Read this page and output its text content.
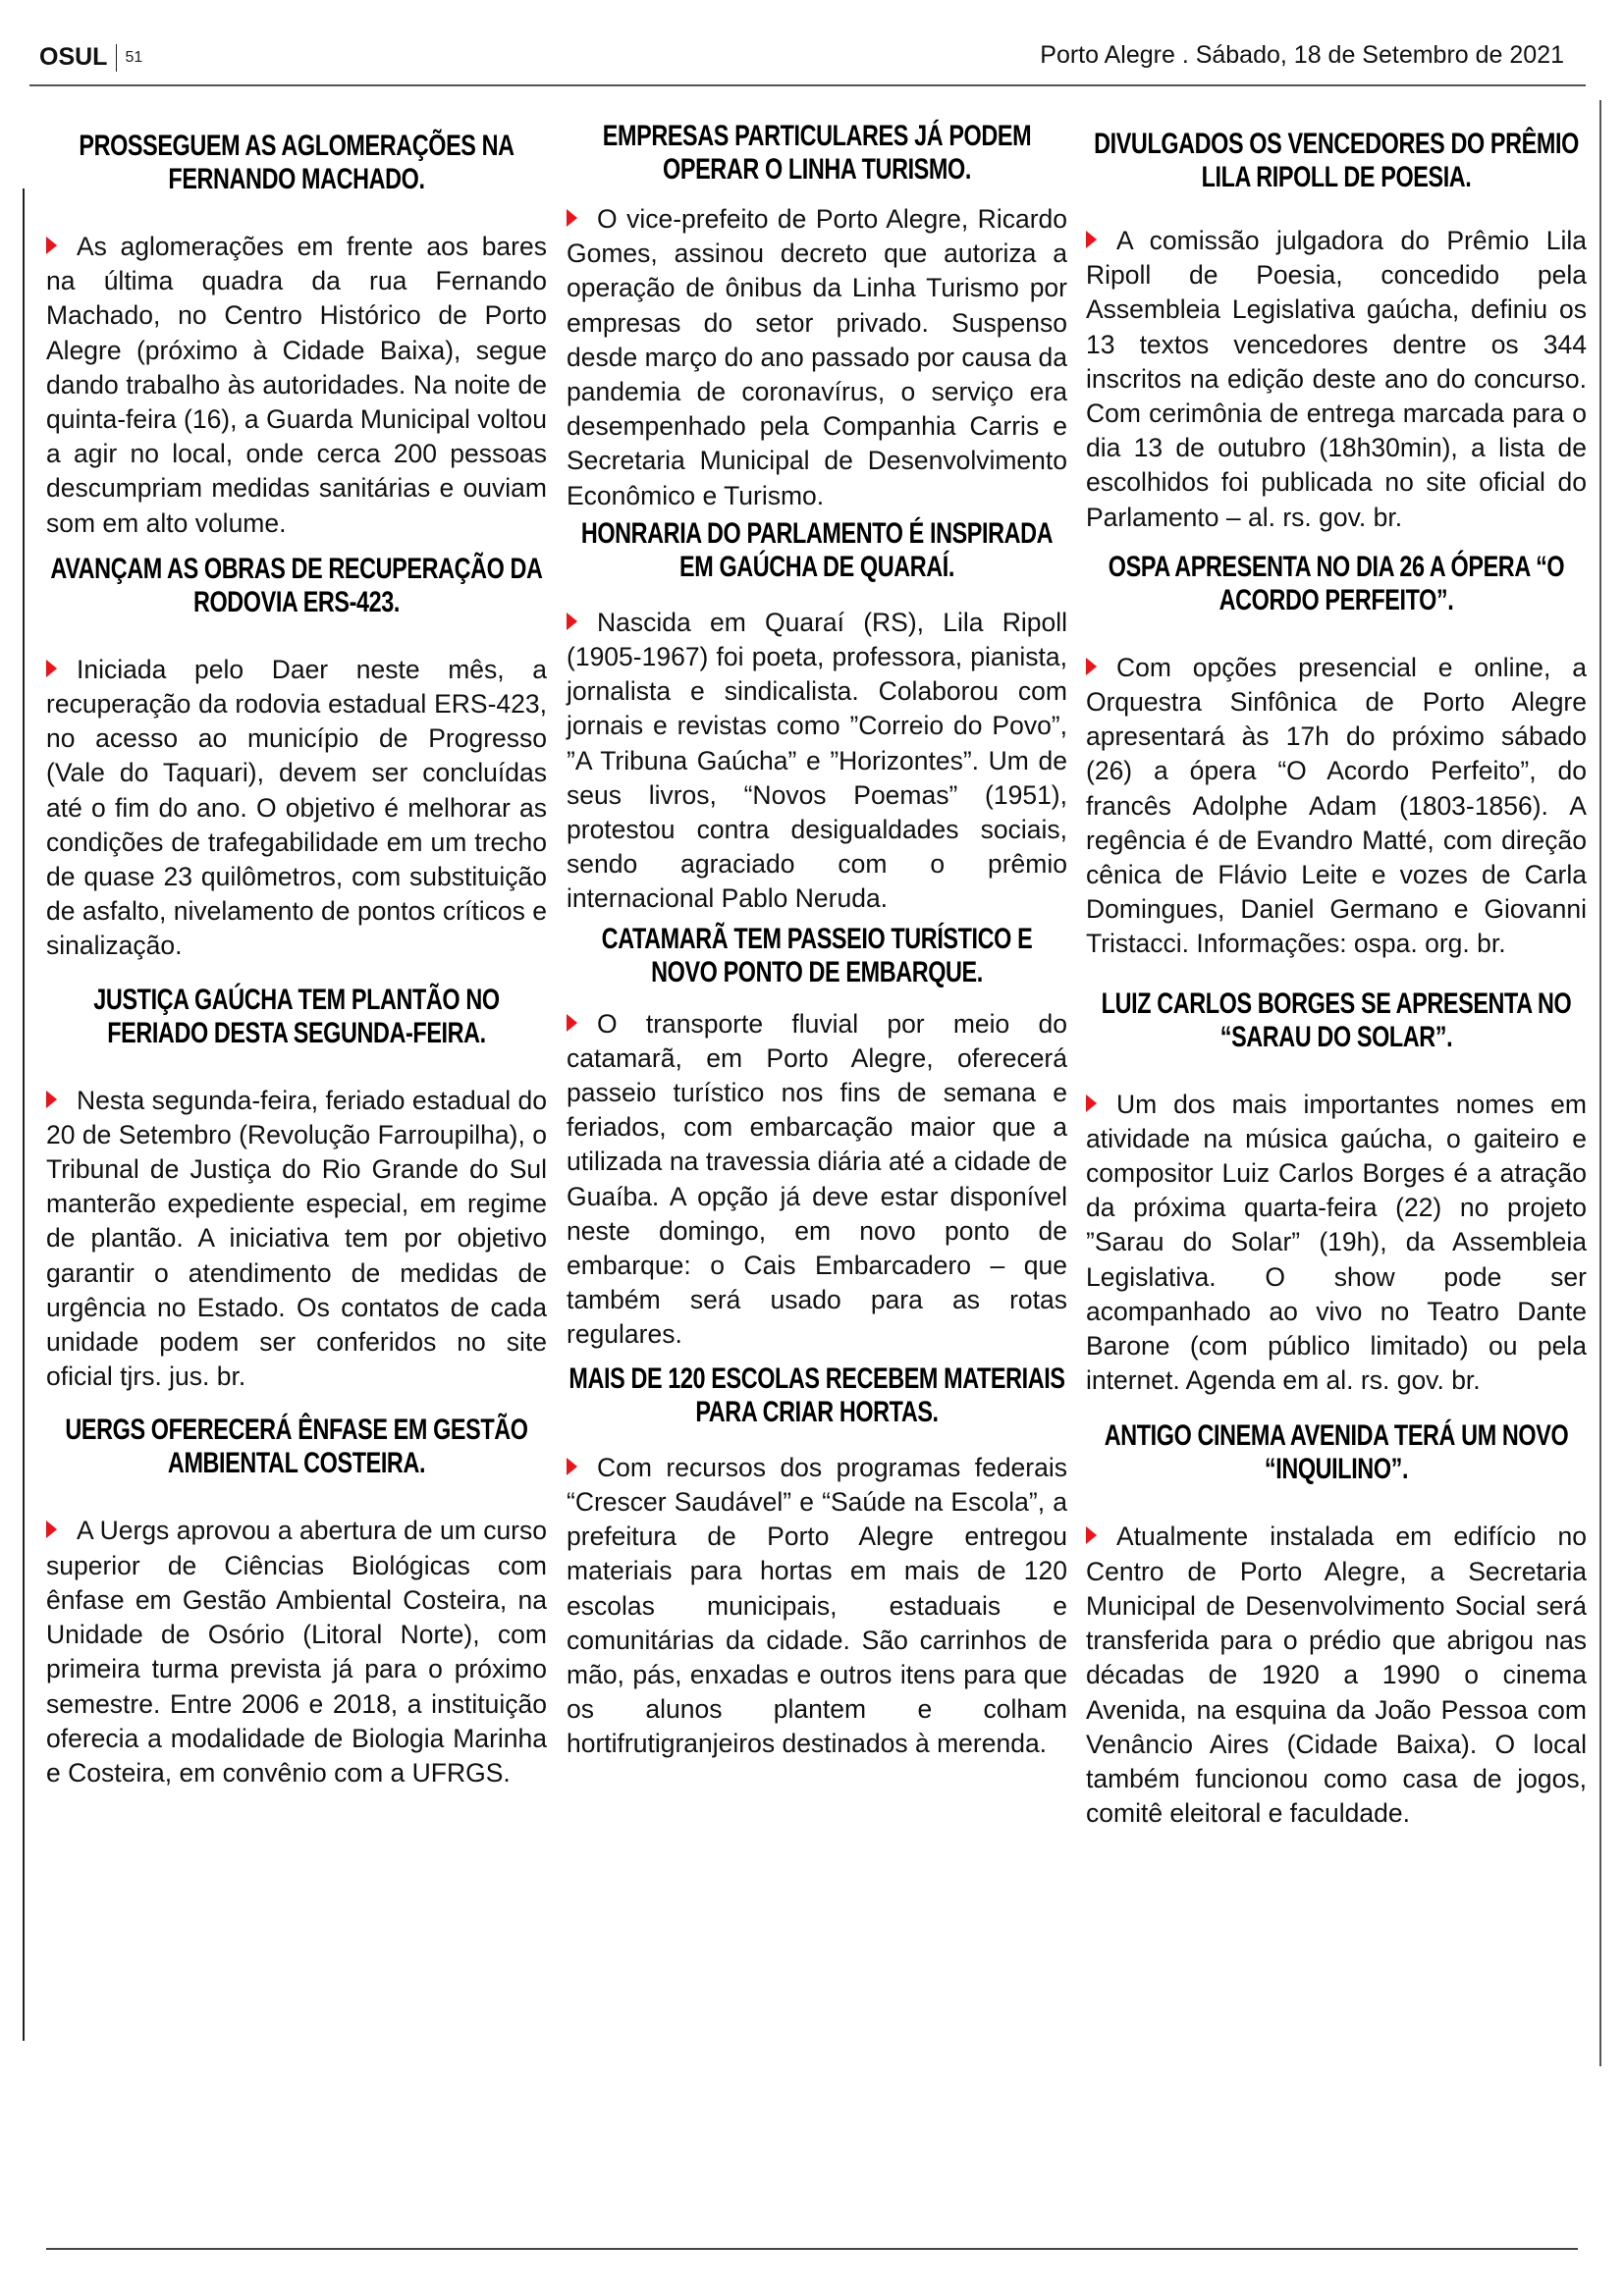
OSUL 51	Porto Alegre . Sábado, 18 de Setembro de 2021
PROSSEGUEM AS AGLOMERAÇÕES NA FERNANDO MACHADO.

As aglomerações em frente aos bares na última quadra da rua Fernando Machado, no Centro Histórico de Porto Alegre (próximo à Cidade Baixa), segue dando trabalho às autoridades. Na noite de quinta-feira (16), a Guarda Municipal voltou a agir no local, onde cerca 200 pessoas descumpriam medidas sanitárias e ouviam som em alto volume.

AVANÇAM AS OBRAS DE RECUPERAÇÃO DA RODOVIA ERS-423.

Iniciada pelo Daer neste mês, a recuperação da rodovia estadual ERS-423, no acesso ao município de Progresso (Vale do Taquari), devem ser concluídas até o fim do ano. O objetivo é melhorar as condições de trafegabilidade em um trecho de quase 23 quilômetros, com substituição de asfalto, nivelamento de pontos críticos e sinalização.

JUSTIÇA GAÚCHA TEM PLANTÃO NO FERIADO DESTA SEGUNDA-FEIRA.

Nesta segunda-feira, feriado estadual do 20 de Setembro (Revolução Farroupilha), o Tribunal de Justiça do Rio Grande do Sul manterão expediente especial, em regime de plantão. A iniciativa tem por objetivo garantir o atendimento de medidas de urgência no Estado. Os contatos de cada unidade podem ser conferidos no site oficial tjrs. jus. br.

UERGS OFERECERÁ ÊNFASE EM GESTÃO AMBIENTAL COSTEIRA.

A Uergs aprovou a abertura de um curso superior de Ciências Biológicas com ênfase em Gestão Ambiental Costeira, na Unidade de Osório (Litoral Norte), com primeira turma prevista já para o próximo semestre. Entre 2006 e 2018, a instituição oferecia a modalidade de Biologia Marinha e Costeira, em convênio com a UFRGS.

EMPRESAS PARTICULARES JÁ PODEM OPERAR O LINHA TURISMO.

O vice-prefeito de Porto Alegre, Ricardo Gomes, assinou decreto que autoriza a operação de ônibus da Linha Turismo por empresas do setor privado. Suspenso desde março do ano passado por causa da pandemia de coronavírus, o serviço era desempenhado pela Companhia Carris e Secretaria Municipal de Desenvolvimento Econômico e Turismo.

HONRARIA DO PARLAMENTO É INSPIRADA EM GAÚCHA DE QUARAÍ.

Nascida em Quaraí (RS), Lila Ripoll (1905-1967) foi poeta, professora, pianista, jornalista e sindicalista. Colaborou com jornais e revistas como ”Correio do Povo”, ”A Tribuna Gaúcha” e ”Horizontes”. Um de seus livros, “Novos Poemas” (1951), protestou contra desigualdades sociais, sendo agraciado com o prêmio internacional Pablo Neruda.

CATAMARÃ TEM PASSEIO TURÍSTICO E NOVO PONTO DE EMBARQUE.

O transporte fluvial por meio do catamarã, em Porto Alegre, oferecerá passeio turístico nos fins de semana e feriados, com embarcação maior que a utilizada na travessia diária até a cidade de Guaíba. A opção já deve estar disponível neste domingo, em novo ponto de embarque: o Cais Embarcadero – que também será usado para as rotas regulares.

MAIS DE 120 ESCOLAS RECEBEM MATERIAIS PARA CRIAR HORTAS.

Com recursos dos programas federais “Crescer Saudável” e “Saúde na Escola”, a prefeitura de Porto Alegre entregou materiais para hortas em mais de 120 escolas municipais, estaduais e comunitárias da cidade. São carrinhos de mão, pás, enxadas e outros itens para que os alunos plantem e colham hortifrutigranjeiros destinados à merenda.

DIVULGADOS OS VENCEDORES DO PRÊMIO LILA RIPOLL DE POESIA.

A comissão julgadora do Prêmio Lila Ripoll de Poesia, concedido pela Assembleia Legislativa gaúcha, definiu os 13 textos vencedores dentre os 344 inscritos na edição deste ano do concurso. Com cerimônia de entrega marcada para o dia 13 de outubro (18h30min), a lista de escolhidos foi publicada no site oficial do Parlamento – al. rs. gov. br.

OSPA APRESENTA NO DIA 26 A ÓPERA “O ACORDO PERFEITO”.

Com opções presencial e online, a Orquestra Sinfônica de Porto Alegre apresentará às 17h do próximo sábado (26) a ópera “O Acordo Perfeito”, do francês Adolphe Adam (1803-1856). A regência é de Evandro Matté, com direção cênica de Flávio Leite e vozes de Carla Domingues, Daniel Germano e Giovanni Tristacci. Informações: ospa. org. br.

LUIZ CARLOS BORGES SE APRESENTA NO “SARAU DO SOLAR”.

Um dos mais importantes nomes em atividade na música gaúcha, o gaiteiro e compositor Luiz Carlos Borges é a atração da próxima quarta-feira (22) no projeto ”Sarau do Solar” (19h), da Assembleia Legislativa. O show pode ser acompanhado ao vivo no Teatro Dante Barone (com público limitado) ou pela internet. Agenda em al. rs. gov. br.

ANTIGO CINEMA AVENIDA TERÁ UM NOVO “INQUILINO”.

Atualmente instalada em edifício no Centro de Porto Alegre, a Secretaria Municipal de Desenvolvimento Social será transferida para o prédio que abrigou nas décadas de 1920 a 1990 o cinema Avenida, na esquina da João Pessoa com Venâncio Aires (Cidade Baixa). O local também funcionou como casa de jogos, comitê eleitoral e faculdade.
